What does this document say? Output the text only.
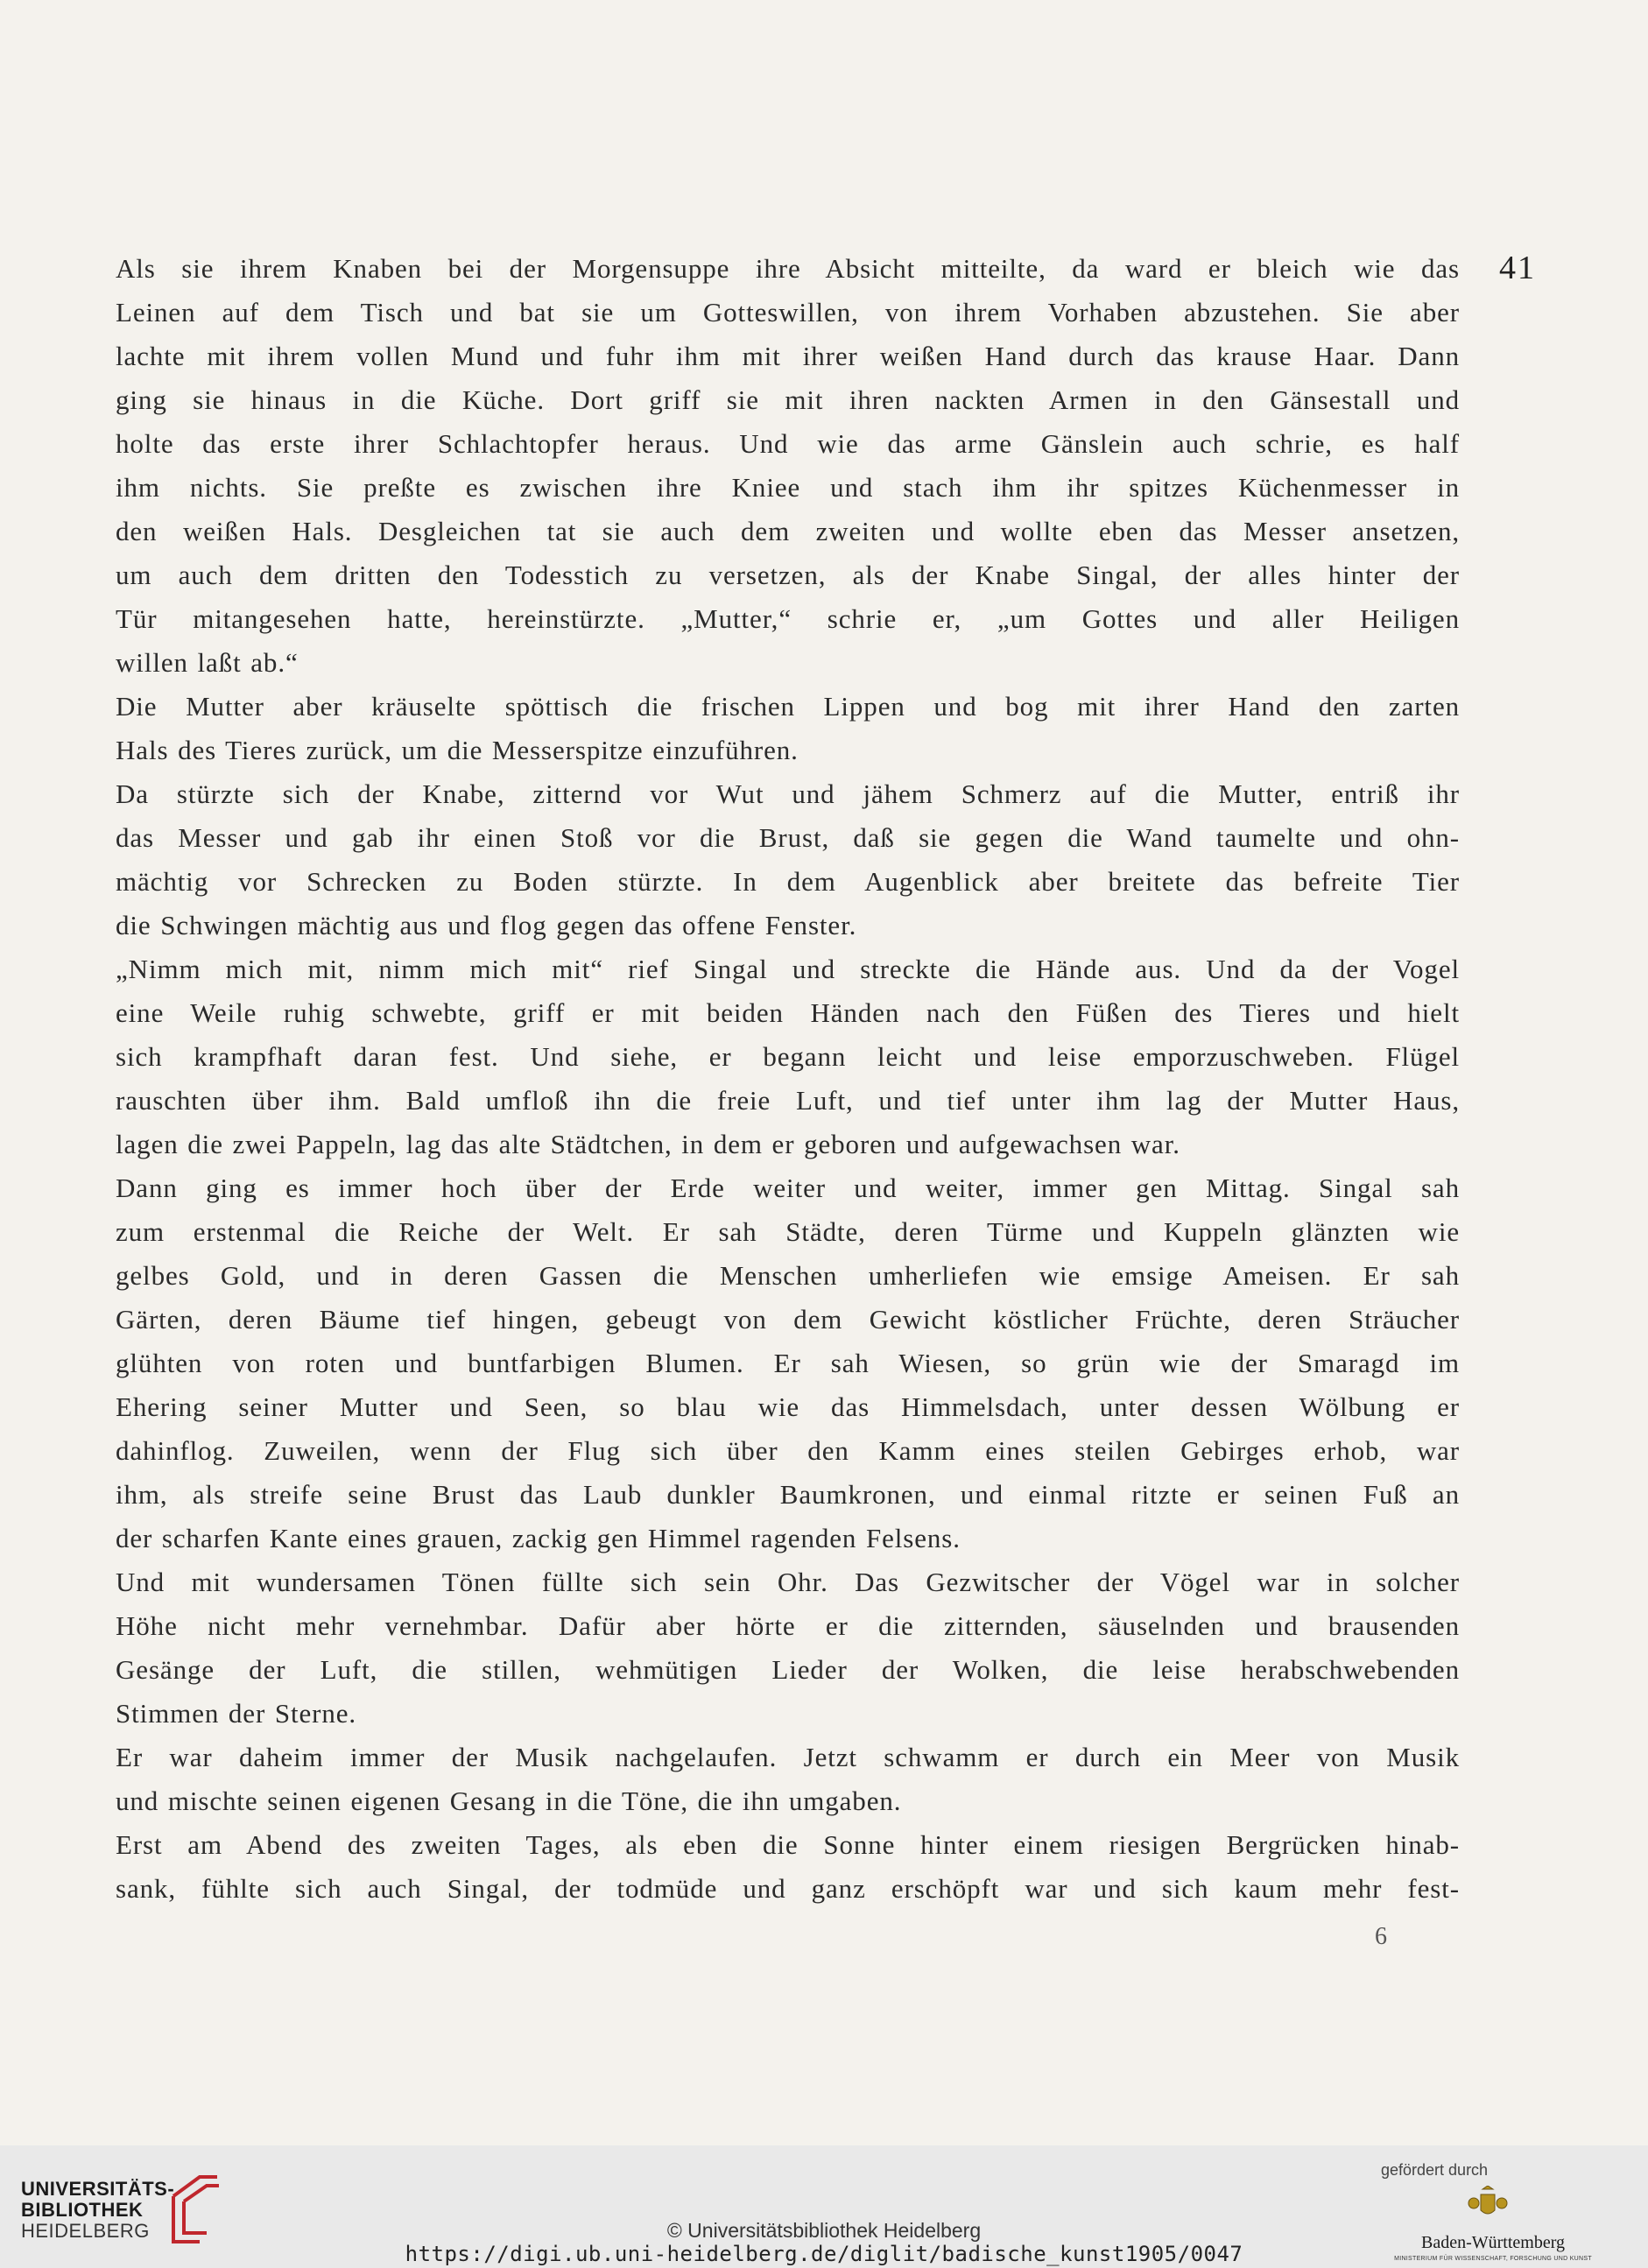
41
Als sie ihrem Knaben bei der Morgensuppe ihre Absicht mitteilte, da ward er bleich wie das
Leinen auf dem Tisch und bat sie um Gotteswillen, von ihrem Vorhaben abzustehen. Sie aber
lachte mit ihrem vollen Mund und fuhr ihm mit ihrer weißen Hand durch das krause Haar. Dann
ging sie hinaus in die Küche. Dort griff sie mit ihren nackten Armen in den Gänsestall und
holte das erste ihrer Schlachtopfer heraus. Und wie das arme Gänslein auch schrie, es half
ihm nichts. Sie preßte es zwischen ihre Kniee und stach ihm ihr spitzes Küchenmesser in
den weißen Hals. Desgleichen tat sie auch dem zweiten und wollte eben das Messer ansetzen,
um auch dem dritten den Todesstich zu versetzen, als der Knabe Singal, der alles hinter der
Tür mitangesehen hatte, hereinstürzte. „Mutter,“ schrie er, „um Gottes und aller Heiligen
willen laßt ab.“
Die Mutter aber kräuselte spöttisch die frischen Lippen und bog mit ihrer Hand den zarten
Hals des Tieres zurück, um die Messerspitze einzuführen.
Da stürzte sich der Knabe, zitternd vor Wut und jähem Schmerz auf die Mutter, entriß ihr
das Messer und gab ihr einen Stoß vor die Brust, daß sie gegen die Wand taumelte und ohn-
mächtig vor Schrecken zu Boden stürzte. In dem Augenblick aber breitete das befreite Tier
die Schwingen mächtig aus und flog gegen das offene Fenster.
„Nimm mich mit, nimm mich mit“ rief Singal und streckte die Hände aus. Und da der Vogel
eine Weile ruhig schwebte, griff er mit beiden Händen nach den Füßen des Tieres und hielt
sich krampfhaft daran fest. Und siehe, er begann leicht und leise emporzuschweben. Flügel
rauschten über ihm. Bald umfloß ihn die freie Luft, und tief unter ihm lag der Mutter Haus,
lagen die zwei Pappeln, lag das alte Städtchen, in dem er geboren und aufgewachsen war.
Dann ging es immer hoch über der Erde weiter und weiter, immer gen Mittag. Singal sah
zum erstenmal die Reiche der Welt. Er sah Städte, deren Türme und Kuppeln glänzten wie
gelbes Gold, und in deren Gassen die Menschen umherliefen wie emsige Ameisen. Er sah
Gärten, deren Bäume tief hingen, gebeugt von dem Gewicht köstlicher Früchte, deren Sträucher
glühten von roten und buntfarbigen Blumen. Er sah Wiesen, so grün wie der Smaragd im
Ehering seiner Mutter und Seen, so blau wie das Himmelsdach, unter dessen Wölbung er
dahinflog. Zuweilen, wenn der Flug sich über den Kamm eines steilen Gebirges erhob, war
ihm, als streife seine Brust das Laub dunkler Baumkronen, und einmal ritzte er seinen Fuß an
der scharfen Kante eines grauen, zackig gen Himmel ragenden Felsens.
Und mit wundersamen Tönen füllte sich sein Ohr. Das Gezwitscher der Vögel war in solcher
Höhe nicht mehr vernehmbar. Dafür aber hörte er die zitternden, säuselnden und brausenden
Gesänge der Luft, die stillen, wehmütigen Lieder der Wolken, die leise herabschwebenden
Stimmen der Sterne.
Er war daheim immer der Musik nachgelaufen. Jetzt schwamm er durch ein Meer von Musik
und mischte seinen eigenen Gesang in die Töne, die ihn umgaben.
Erst am Abend des zweiten Tages, als eben die Sonne hinter einem riesigen Bergrücken hinab-
sank, fühlte sich auch Singal, der todmüde und ganz erschöpft war und sich kaum mehr fest-
6
UNIVERSITÄTS-
BIBLIOTHEK
HEIDELBERG	© Universitätsbibliothek Heidelberg
https://digi.ub.uni-heidelberg.de/diglit/badische_kunst1905/0047
gefördert durch
Baden-Württemberg
MINISTERIUM FÜR WISSENSCHAFT, FORSCHUNG UND KUNST
